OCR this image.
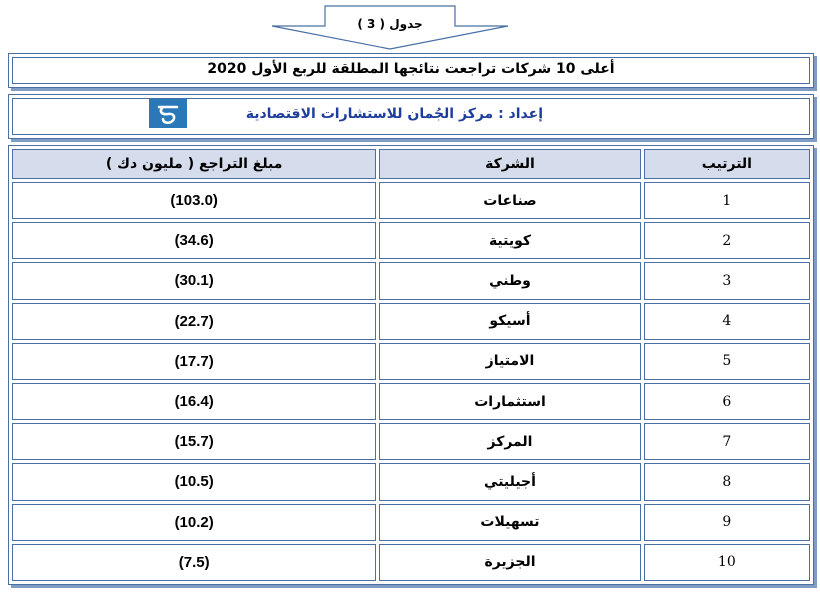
جدول ( 3 )
أعلى 10 شركات تراجعت نتائجها المطلقة للربع الأول 2020
إعداد : مركز الجُمان للاستشارات الاقتصادية
مبلغ التراجع ( مليون دك )	الشركة	الترتيب
(103.0)	صناعات	1
(34.6)	كويتية	2
(30.1)	وطني	3
(22.7)	أسيكو	4
(17.7)	الامتياز	5
(16.4)	استثمارات	6
(15.7)	المركز	7
(10.5)	أجيليتي	8
(10.2)	تسهيلات	9
(7.5)	الجزيرة	10
